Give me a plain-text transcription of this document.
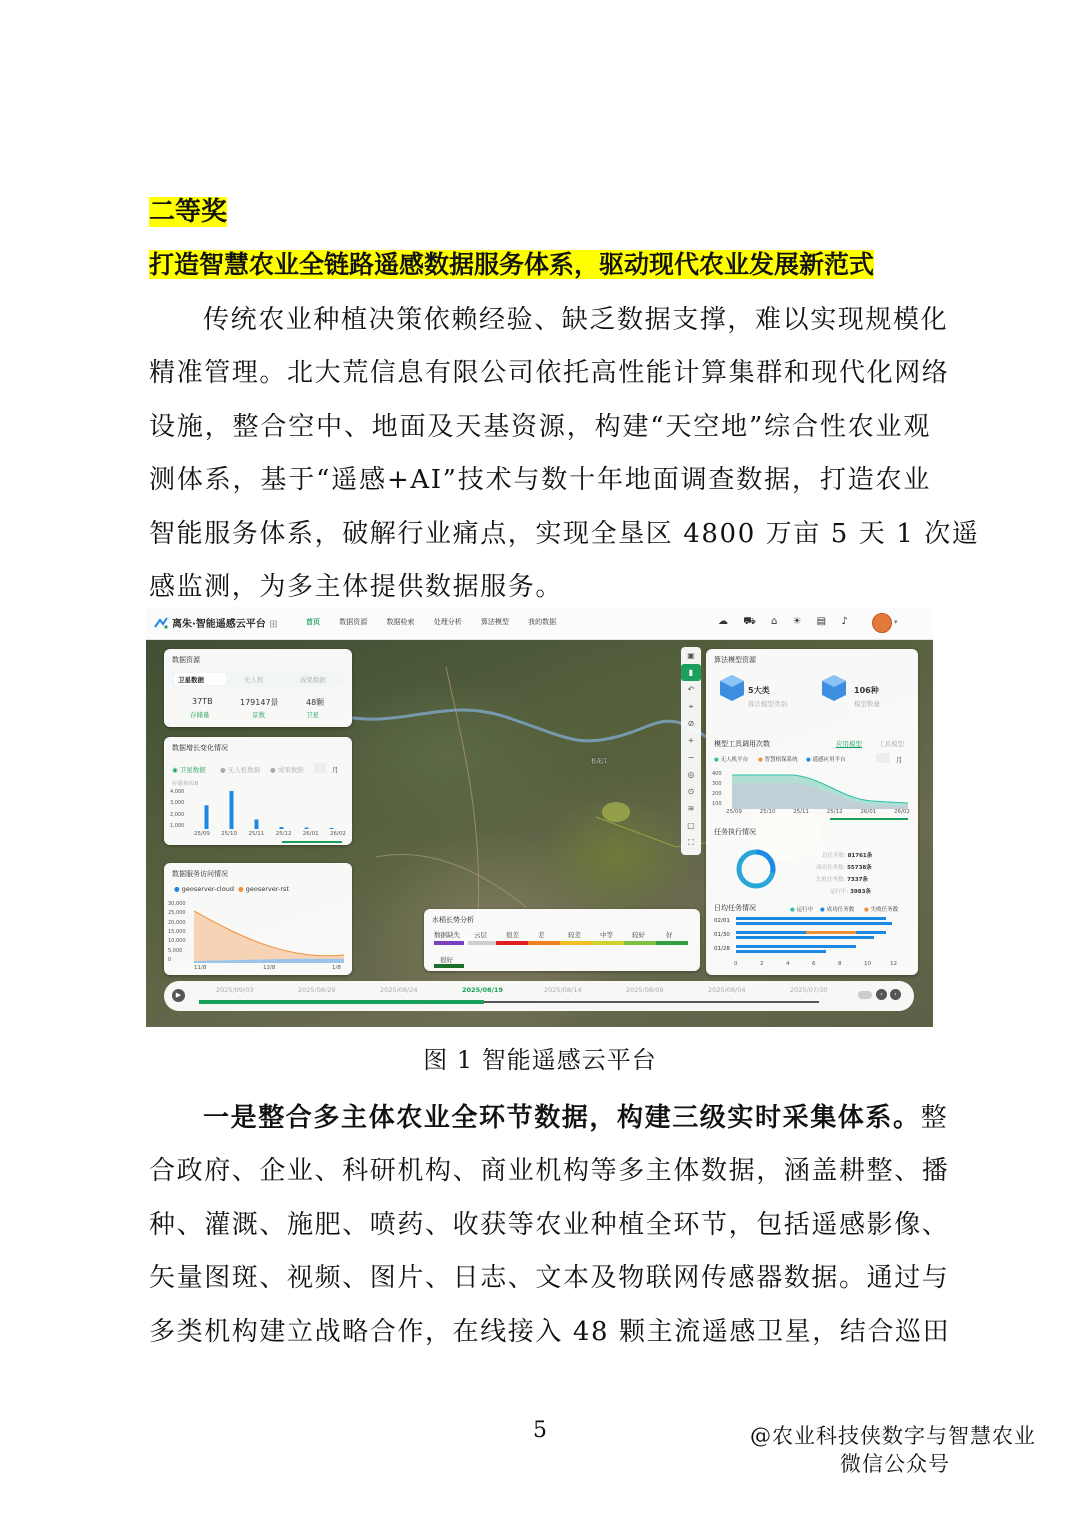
二等奖
打造智慧农业全链路遥感数据服务体系，驱动现代农业发展新范式
传统农业种植决策依赖经验、缺乏数据支撑，难以实现规模化
精准管理。北大荒信息有限公司依托高性能计算集群和现代化网络
设施，整合空中、地面及天基资源，构建“天空地”综合性农业观
测体系，基于“遥感+AI”技术与数十年地面调查数据，打造农业
智能服务体系，破解行业痛点，实现全垦区 4800 万亩 5 天 1 次遥
感监测，为多主体提供数据服务。
松花江
离朱·智能遥感云平台 ⊞	首页	数据资源	数据检索	处理分析	算法模型	我的数据	☁ ⛟ ⌂ ☀ ▤ ♪	▾
数据资源
卫星数据	无人机	成果数据
37TB
存储量
179147景
景数
48颗
卫星
数据增长变化情况
◉ 卫星数据 ● 无人机数据 ● 成果数据	月
存储量/GB
4,000
3,000
2,000
1,000
25/09 25/10 25/11 25/12 26/01 26/02
数据服务访问情况
● geoserver-cloud ● geoserver-rst
30,000
25,000
20,000
15,000
10,000
5,000
0
11/8	12/8	1/8
▣
▮
↶
⌖
⊘
+
−
◎
⊙
≋
▢
⛶
水稻长势分析
数据缺失 云层	很差	差	较差	中等	较好	好
很好
算法模型资源
5大类
算法模型类别
106种
模型数量
模型工具调用次数	应用模型 工具模型
● 无人机平台 ● 智慧植保系统 ● 遥感应用平台	月
400
300
200
100
25/09	25/10	25/11	25/12	26/01	26/02
任务执行情况
总任务数: 81761条
成功任务数: 55738条
失败任务数: 7337条
运行中: 3983条
日均任务情况	● 运行中 ● 成功任务数 ● 失败任务数
02/01
01/30
01/28
0	2	4	6	8	10	12
▶
2025/09/03	2025/08/29	2025/08/24	2025/08/19	2025/08/14	2025/08/09	2025/08/04	2025/07/30
‹	›
图 1 智能遥感云平台
一是整合多主体农业全环节数据，构建三级实时采集体系。整
合政府、企业、科研机构、商业机构等多主体数据，涵盖耕整、播
种、灌溉、施肥、喷药、收获等农业种植全环节，包括遥感影像、
矢量图斑、视频、图片、日志、文本及物联网传感器数据。通过与
多类机构建立战略合作，在线接入 48 颗主流遥感卫星，结合巡田
5	@农业科技侠数字与智慧农业
微信公众号
